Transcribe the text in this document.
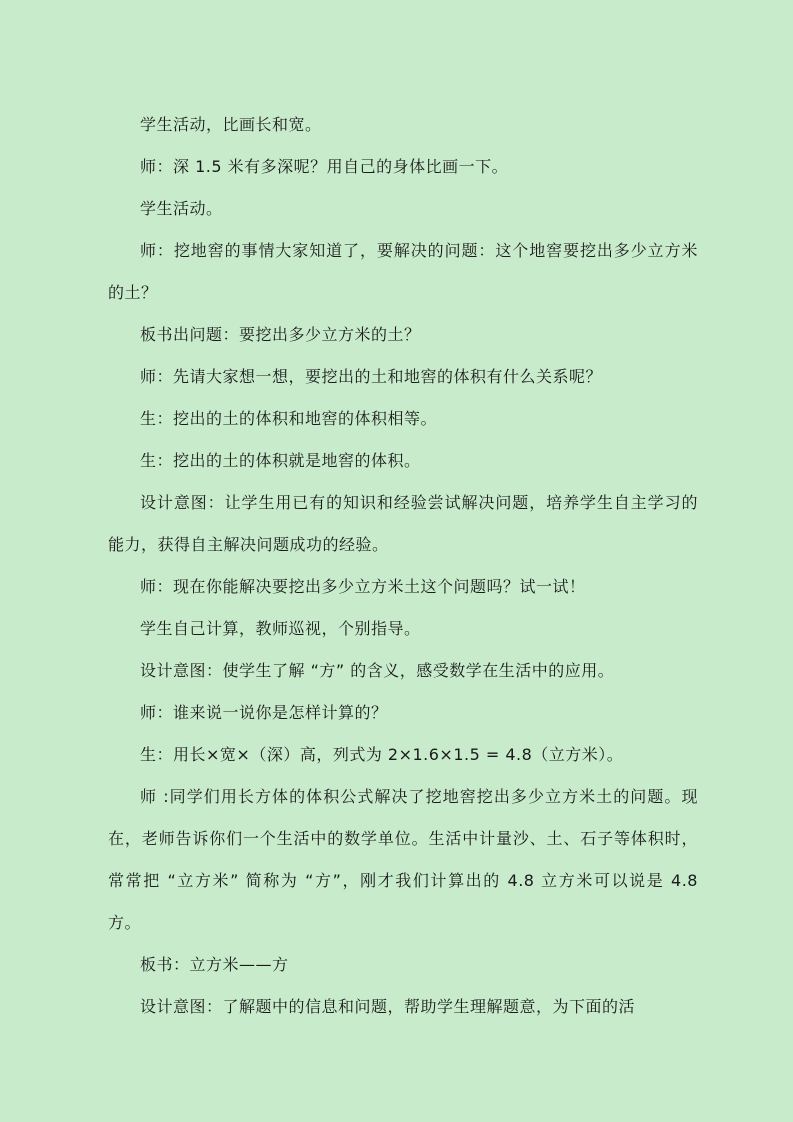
学生活动，比画长和宽。

师：深 1.5 米有多深呢？用自己的身体比画一下。

学生活动。

师：挖地窖的事情大家知道了，要解决的问题：这个地窖要挖出多少立方米的土？

板书出问题：要挖出多少立方米的土？

师：先请大家想一想，要挖出的土和地窖的体积有什么关系呢？

生：挖出的土的体积和地窖的体积相等。

生：挖出的土的体积就是地窖的体积。

设计意图：让学生用已有的知识和经验尝试解决问题，培养学生自主学习的能力，获得自主解决问题成功的经验。

师：现在你能解决要挖出多少立方米土这个问题吗？试一试！

学生自己计算，教师巡视，个别指导。

设计意图：使学生了解 “方” 的含义，感受数学在生活中的应用。

师：谁来说一说你是怎样计算的？

生：用长×宽×（深）高，列式为 2×1.6×1.5 = 4.8（立方米）。

师 :同学们用长方体的体积公式解决了挖地窖挖出多少立方米土的问题。现在，老师告诉你们一个生活中的数学单位。生活中计量沙、土、石子等体积时，常常把 “立方米” 简称为 “方”，刚才我们计算出的 4.8 立方米可以说是 4.8 方。

板书：立方米——方

设计意图：了解题中的信息和问题，帮助学生理解题意，为下面的活
